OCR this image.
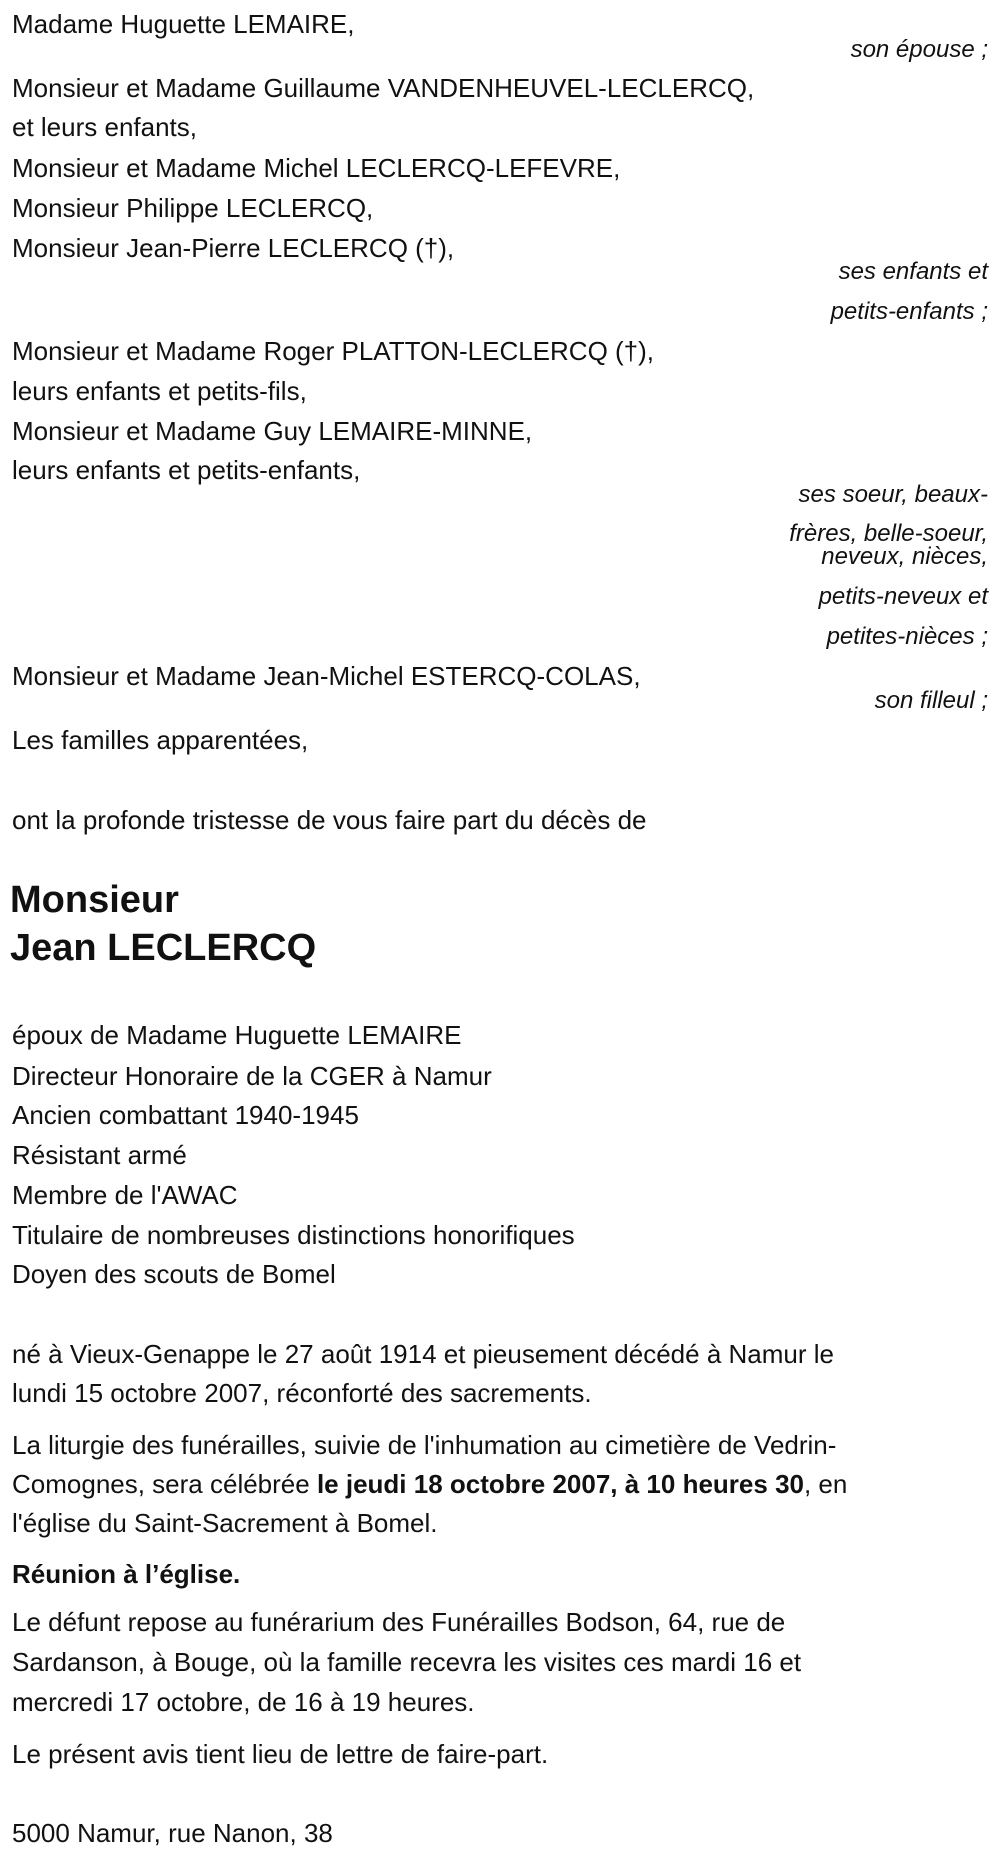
Madame Huguette LEMAIRE,
son épouse ;
Monsieur et Madame Guillaume VANDENHEUVEL-LECLERCQ,
et leurs enfants,
Monsieur et Madame Michel LECLERCQ-LEFEVRE,
Monsieur Philippe LECLERCQ,
Monsieur Jean-Pierre LECLERCQ (†),
ses enfants et
petits-enfants ;
Monsieur et Madame Roger PLATTON-LECLERCQ (†),
leurs enfants et petits-fils,
Monsieur et Madame Guy LEMAIRE-MINNE,
leurs enfants et petits-enfants,
ses soeur, beaux-
frères, belle-soeur,
neveux, nièces,
petits-neveux et
petites-nièces ;
Monsieur et Madame Jean-Michel ESTERCQ-COLAS,
son filleul ;
Les familles apparentées,
ont la profonde tristesse de vous faire part du décès de
Monsieur
Jean LECLERCQ
époux de Madame Huguette LEMAIRE
Directeur Honoraire de la CGER à Namur
Ancien combattant 1940-1945
Résistant armé
Membre de l'AWAC
Titulaire de nombreuses distinctions honorifiques
Doyen des scouts de Bomel
né à Vieux-Genappe le 27 août 1914 et pieusement décédé à Namur le
lundi 15 octobre 2007, réconforté des sacrements.
La liturgie des funérailles, suivie de l'inhumation au cimetière de Vedrin-
Comognes, sera célébrée le jeudi 18 octobre 2007, à 10 heures 30, en
l'église du Saint-Sacrement à Bomel.
Réunion à l’église.
Le défunt repose au funérarium des Funérailles Bodson, 64, rue de
Sardanson, à Bouge, où la famille recevra les visites ces mardi 16 et
mercredi 17 octobre, de 16 à 19 heures.
Le présent avis tient lieu de lettre de faire-part.
5000 Namur, rue Nanon, 38
